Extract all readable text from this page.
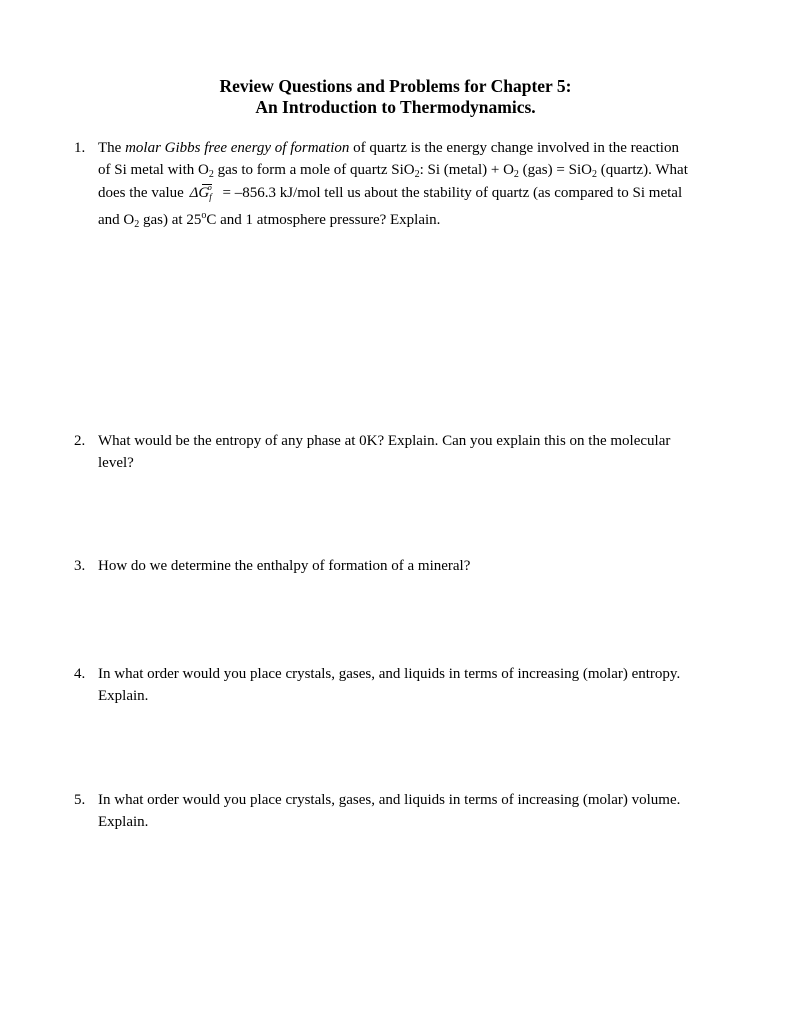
Review Questions and Problems for Chapter 5:
An Introduction to Thermodynamics.
1. The molar Gibbs free energy of formation of quartz is the energy change involved in the reaction
of Si metal with $O_2$ gas to form a mole of quartz SiO$_2$: Si (metal) + $O_2$ (gas) = SiO$_2$ (quartz). What
does the value Δ
$G_f^o = -856.3$ kJ/mol tell us about the stability of quartz (as compared to Si metal
and $O_2$ gas) at 25$^o$C and 1 atmosphere pressure? Explain.
2. What would be the entropy of any phase at 0K? Explain. Can you explain this on the molecular
level?
3. How do we determine the enthalpy of formation of a mineral?
4. In what order would you place crystals, gases, and liquids in terms of increasing (molar) entropy.
Explain.
5. In what order would you place crystals, gases, and liquids in terms of increasing (molar) volume.
Explain.
